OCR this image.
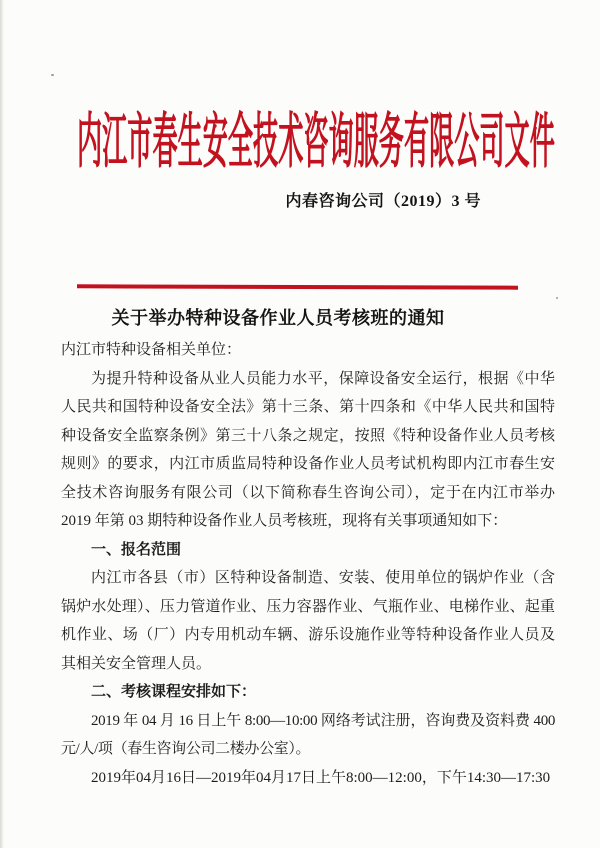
内江市春生安全技术咨询服务有限公司文件
内春咨询公司（2019）3 号
关于举办特种设备作业人员考核班的通知

内江市特种设备相关单位：

为提升特种设备从业人员能力水平，保障设备安全运行，根据《中华人民共和国特种设备安全法》第十三条、第十四条和《中华人民共和国特种设备安全监察条例》第三十八条之规定，按照《特种设备作业人员考核规则》的要求，内江市质监局特种设备作业人员考试机构即内江市春生安全技术咨询服务有限公司（以下简称春生咨询公司），定于在内江市举办 2019 年第 03 期特种设备作业人员考核班，现将有关事项通知如下：

一、报名范围

内江市各县（市）区特种设备制造、安装、使用单位的锅炉作业（含锅炉水处理）、压力管道作业、压力容器作业、气瓶作业、电梯作业、起重机作业、场（厂）内专用机动车辆、游乐设施作业等特种设备作业人员及其相关安全管理人员。

二、考核课程安排如下：

2019 年 04 月 16 日上午 8:00—10:00 网络考试注册，咨询费及资料费 400 元/人/项（春生咨询公司二楼办公室）。

2019年04月16日—2019年04月17日上午8:00—12:00，下午14:30—17:30
